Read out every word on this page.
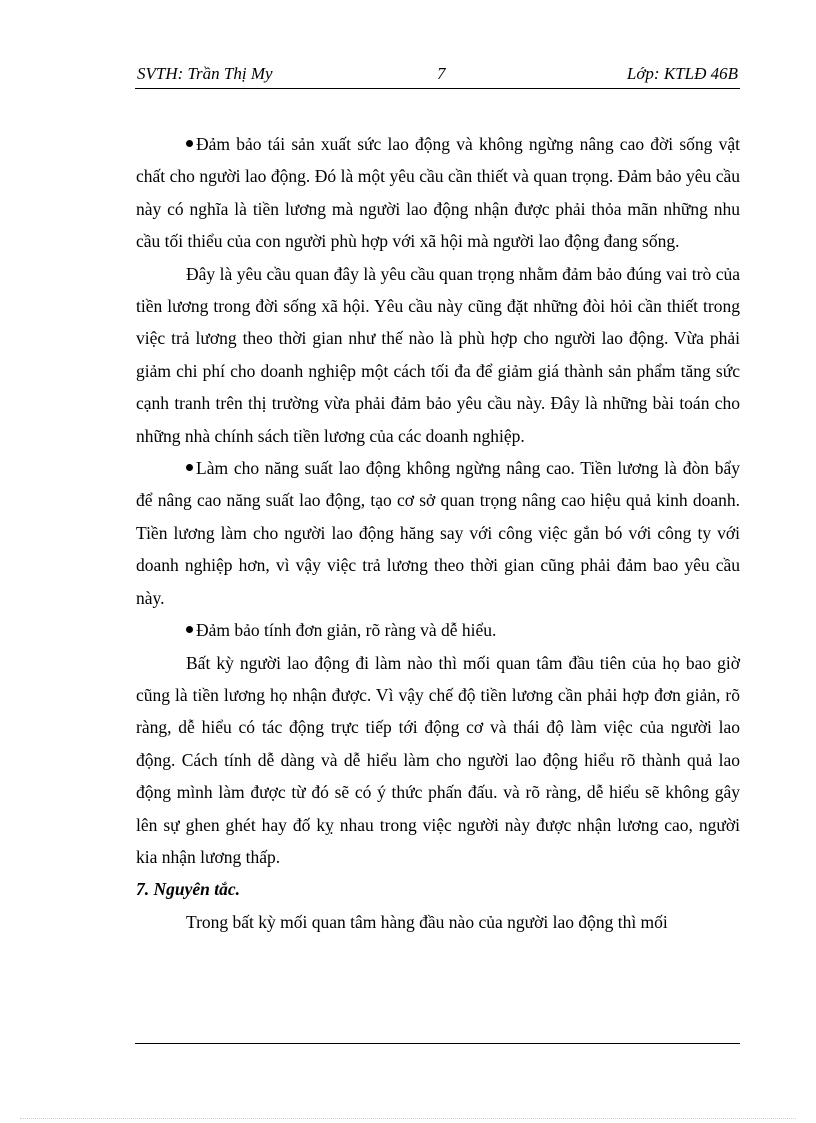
SVTH: Trần Thị My	7	Lớp: KTLĐ 46B

Đảm bảo tái sản xuất sức lao động và không ngừng nâng cao đời sống vật chất cho người lao động. Đó là một yêu cầu cần thiết và quan trọng. Đảm bảo yêu cầu này có nghĩa là tiền lương mà người lao động nhận được phải thỏa mãn những nhu cầu tối thiểu của con người phù hợp với xã hội mà người lao động đang sống.

Đây là yêu cầu quan đây là yêu cầu quan trọng nhằm đảm bảo đúng vai trò của tiền lương trong đời sống xã hội. Yêu cầu này cũng đặt những đòi hỏi cần thiết trong việc trả lương theo thời gian như thế nào là phù hợp cho người lao động. Vừa phải giảm chi phí cho doanh nghiệp một cách tối đa để giảm giá thành sản phẩm tăng sức cạnh tranh trên thị trường vừa phải đảm bảo yêu cầu này. Đây là những bài toán cho những nhà chính sách tiền lương của các doanh nghiệp.

Làm cho năng suất lao động không ngừng nâng cao. Tiền lương là đòn bẩy để nâng cao năng suất lao động, tạo cơ sở quan trọng nâng cao hiệu quả kinh doanh. Tiền lương làm cho người lao động hăng say với công việc gắn bó với công ty với doanh nghiệp hơn, vì vậy việc trả lương theo thời gian cũng phải đảm bao yêu cầu này.

Đảm bảo tính đơn giản, rõ ràng và dễ hiểu.

Bất kỳ người lao động đi làm nào thì mối quan tâm đầu tiên của họ bao giờ cũng là tiền lương họ nhận được. Vì vậy chế độ tiền lương cần phải hợp đơn giản, rõ ràng, dễ hiểu có tác động trực tiếp tới động cơ và thái độ làm việc của người lao động. Cách tính dễ dàng và dễ hiểu làm cho người lao động hiểu rõ thành quả lao động mình làm được từ đó sẽ có ý thức phấn đấu. và rõ ràng, dễ hiểu sẽ không gây lên sự ghen ghét hay đố kỵ nhau trong việc người này được nhận lương cao, người kia nhận lương thấp.

7. Nguyên tắc.

Trong bất kỳ mối quan tâm hàng đầu nào của người lao động thì mối
